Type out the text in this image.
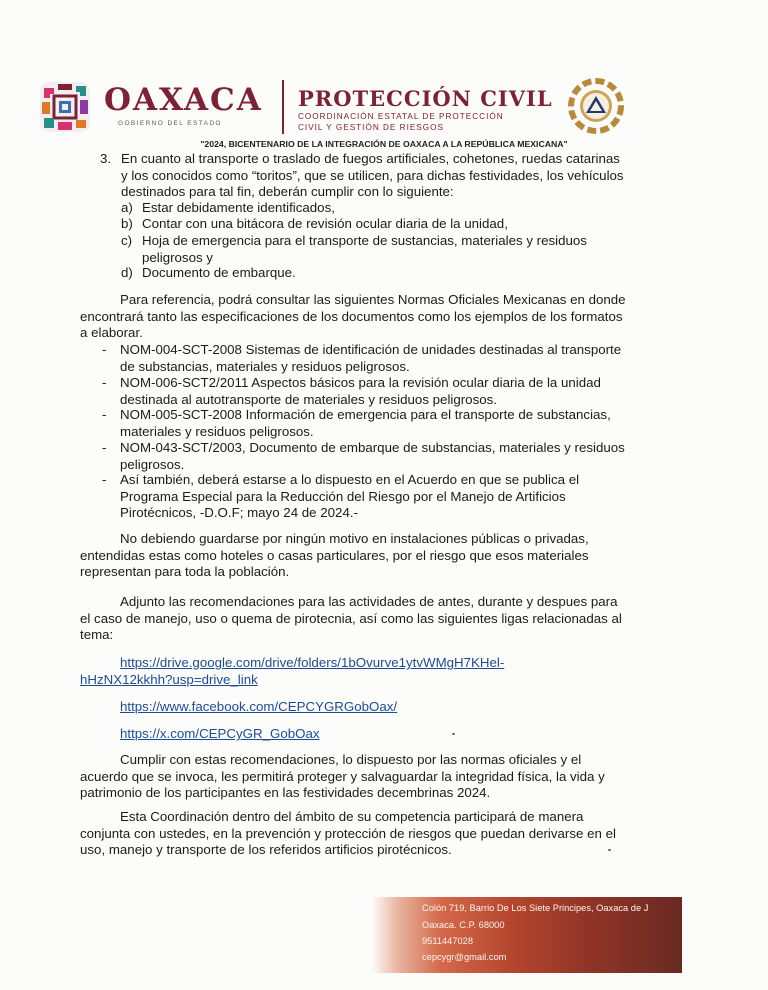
OAXACA
GOBIERNO DEL ESTADO
PROTECCIÓN CIVIL
COORDINACIÓN ESTATAL DE PROTECCIÓN
CIVIL Y GESTIÓN DE RIESGOS
"2024, BICENTENARIO DE LA INTEGRACIÓN DE OAXACA A LA REPÚBLICA MEXICANA"
3. En cuanto al transporte o traslado de fuegos artificiales, cohetones, ruedas catarinas
y los conocidos como “toritos”, que se utilicen, para dichas festividades, los vehículos
destinados para tal fin, deberán cumplir con lo siguiente:
a) Estar debidamente identificados,
b) Contar con una bitácora de revisión ocular diaria de la unidad,
c) Hoja de emergencia para el transporte de sustancias, materiales y residuos
peligrosos y
d) Documento de embarque.
Para referencia, podrá consultar las siguientes Normas Oficiales Mexicanas en donde
encontrará tanto las especificaciones de los documentos como los ejemplos de los formatos
a elaborar.
- NOM-004-SCT-2008 Sistemas de identificación de unidades destinadas al transporte
de substancias, materiales y residuos peligrosos.
- NOM-006-SCT2/2011 Aspectos básicos para la revisión ocular diaria de la unidad
destinada al autotransporte de materiales y residuos peligrosos.
- NOM-005-SCT-2008 Información de emergencia para el transporte de substancias,
materiales y residuos peligrosos.
- NOM-043-SCT/2003, Documento de embarque de substancias, materiales y residuos
peligrosos.
- Así también, deberá estarse a lo dispuesto en el Acuerdo en que se publica el
Programa Especial para la Reducción del Riesgo por el Manejo de Artificios
Pirotécnicos, -D.O.F; mayo 24 de 2024.-
No debiendo guardarse por ningún motivo en instalaciones públicas o privadas,
entendidas estas como hoteles o casas particulares, por el riesgo que esos materiales
representan para toda la población.
Adjunto las recomendaciones para las actividades de antes, durante y despues para
el caso de manejo, uso o quema de pirotecnia, así como las siguientes ligas relacionadas al
tema:
https://drive.google.com/drive/folders/1bOvurve1ytvWMgH7KHel-
hHzNX12kkhh?usp=drive_link
https://www.facebook.com/CEPCYGRGobOax/
https://x.com/CEPCyGR_GobOax
Cumplir con estas recomendaciones, lo dispuesto por las normas oficiales y el
acuerdo que se invoca, les permitirá proteger y salvaguardar la integridad física, la vida y
patrimonio de los participantes en las festividades decembrinas 2024.
Esta Coordinación dentro del ámbito de su competencia participará de manera
conjunta con ustedes, en la prevención y protección de riesgos que puedan derivarse en el
uso, manejo y transporte de los referidos artificios pirotécnicos.
Colón 719, Barrio De Los Siete Principes, Oaxaca de J
Oaxaca. C.P. 68000
9511447028
cepcygr@gmail.com
